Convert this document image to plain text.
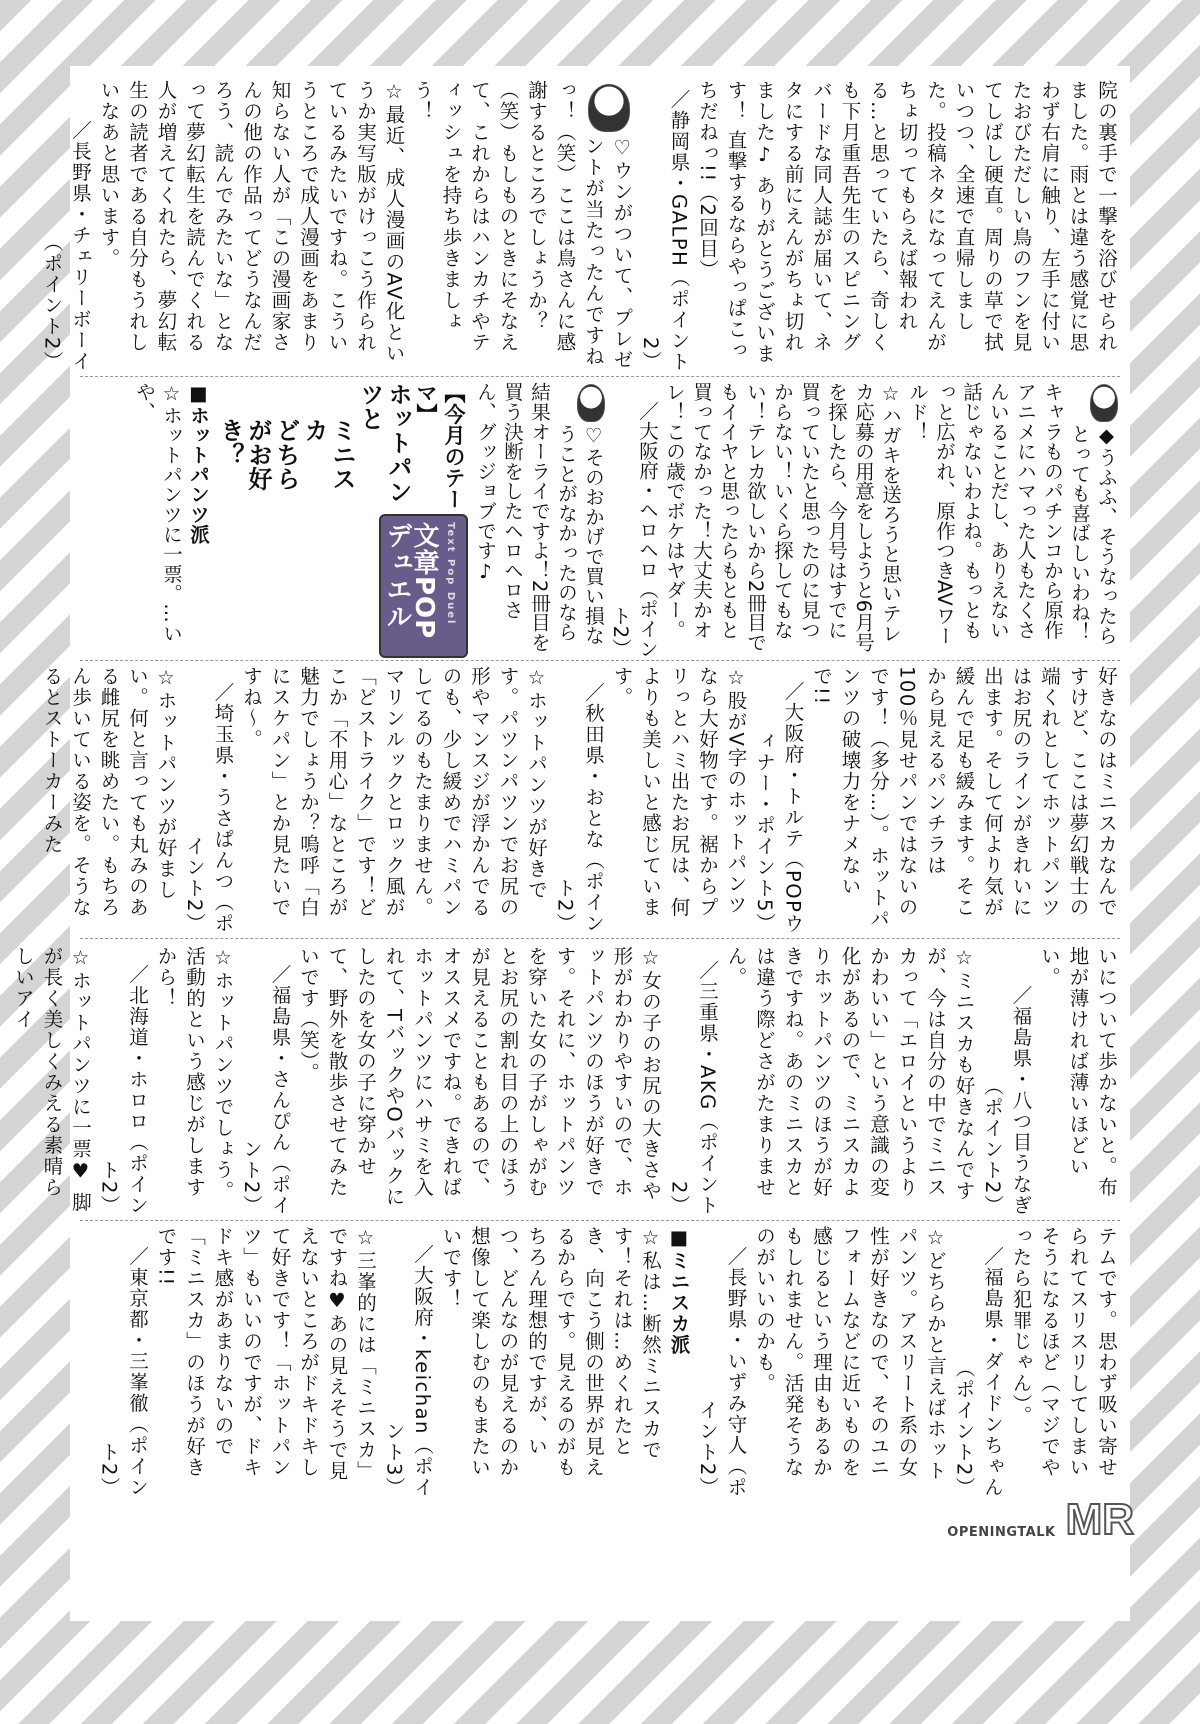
院の裏手で一撃を浴びせられました。雨とは違う感覚に思わず右肩に触り、左手に付いたおびただしい鳥のフンを見てしばし硬直。周りの草で拭いつつ、全速で直帰しました。投稿ネタになってえんがちょ切ってもらえば報われる…と思っていたら、奇しくも下月重吾先生のスピニングバードな同人誌が届いて、ネタにする前にえんがちょ切れました♪ ありがとうございます！ 直撃するならやっぱこっちだねっ!!（2回目）

／静岡県・GALPH（ポイント2）

♡ウンがついて、プレゼントが当たったんですねっ！（笑）ここは鳥さんに感謝するところでしょうか？（笑）もしものときにそなえて、これからはハンカチやティッシュを持ち歩きましょう！

☆最近、成人漫画のAV化というか実写版がけっこう作られているみたいですね。こういうところで成人漫画をあまり知らない人が「この漫画家さんの他の作品ってどうなんだろう、読んでみたいな」となって夢幻転生を読んでくれる人が増えてくれたら、夢幻転生の読者である自分もうれしいなあと思います。

／長野県・チェリーボーイ（ポイント2）

◆うふふ、そうなったらとっても喜ばしいわね！キャラものパチンコから原作アニメにハマった人もたくさんいることだし、ありえない話じゃないわよね。もっともっと広がれ、原作つきAVワールド！

☆ハガキを送ろうと思いテレカ応募の用意をしようと6月号を探したら、今月号はすでに買っていたと思ったのに見つからない！いくら探してもない！テレカ欲しいから2冊目でもイイヤと思ったらもともと買ってなかった！大丈夫かオレ！この歳でボケはヤダー。

／大阪府・ヘロヘロ（ポイント2）

♡そのおかげで買い損なうことがなかったのなら結果オーライですよ！2冊目を買う決断をしたヘロヘロさん、グッジョブです♪

Text Pop Duel
文章POPデュエル
【今月のテーマ】
ホットパンツと
ミニスカ
どちらがお好き？

■ホットパンツ派

☆ホットパンツに一票。…いや、

好きなのはミニスカなんですけど、ここは夢幻戦士の端くれとしてホットパンツはお尻のラインがきれいに出ます。そして何より気が緩んで足も緩みます。そこから見えるパンチラは100％見せパンではないのです！（多分…）。ホットパンツの破壊力をナメないで!!

／大阪府・トルテ（POPウィナー・ポイント5）

☆股がV字のホットパンツなら大好物です。裾からプリっとハミ出たお尻は、何よりも美しいと感じています。

／秋田県・おとな（ポイント2）

☆ホットパンツが好きです。パツンパツンでお尻の形やマンスジが浮かんでるのも、少し緩めでハミパンしてるのもたまりません。マリンルックとロック風が「どストライク」です！どこか「不用心」なところが魅力でしょうか？嗚呼「白にスケパン」とか見たいですね～。

／埼玉県・うさぱんつ（ポイント2）

☆ホットパンツが好ましい。何と言っても丸みのある雌尻を眺めたい。もちろん歩いている姿を。そうなるとストーカーみた

いについて歩かないと。布地が薄ければ薄いほどいい。

／福島県・八つ目うなぎ（ポイント2）

☆ミニスカも好きなんですが、今は自分の中でミニスカって「エロイというよりかわいい」という意識の変化があるので、ミニスカよりホットパンツのほうが好きですね。あのミニスカとは違う際どさがたまりません。

／三重県・AKG（ポイント2）

☆女の子のお尻の大きさや形がわかりやすいので、ホットパンツのほうが好きです。それに、ホットパンツを穿いた女の子がしゃがむとお尻の割れ目の上のほうが見えることもあるので、オススメですね。できればホットパンツにハサミを入れて、TバックやOバックにしたのを女の子に穿かせて、野外を散歩させてみたいです（笑）。

／福島県・さんぴん（ポイント2）

☆ホットパンツでしょう。活動的という感じがしますから！

／北海道・ホロロ（ポイント2）

☆ホットパンツに一票♥ 脚が長く美しくみえる素晴らしいアイ

テムです。思わず吸い寄せられてスリスリしてしまいそうになるほど（マジでやったら犯罪じゃん）。

／福島県・ダイドンちゃん（ポイント2）

☆どちらかと言えばホットパンツ。アスリート系の女性が好きなので、そのユニフォームなどに近いものを感じるという理由もあるかもしれません。活発そうなのがいいのかも。

／長野県・いずみ守人（ポイント2）

■ミニスカ派

☆私は…断然ミニスカです！それは…めくれたとき、向こう側の世界が見えるからです。見えるのがもちろん理想的ですが、いつ、どんなのが見えるのか想像して楽しむのもまたいいです！

／大阪府・keichan（ポイント3）

☆三峯的には「ミニスカ」ですね♥あの見えそうで見えないところがドキドキして好きです！「ホットパンツ」もいいのですが、ドキドキ感があまりないので「ミニスカ」のほうが好きです!!

／東京都・三峯徹（ポイント2）

OPENINGTALK MR
